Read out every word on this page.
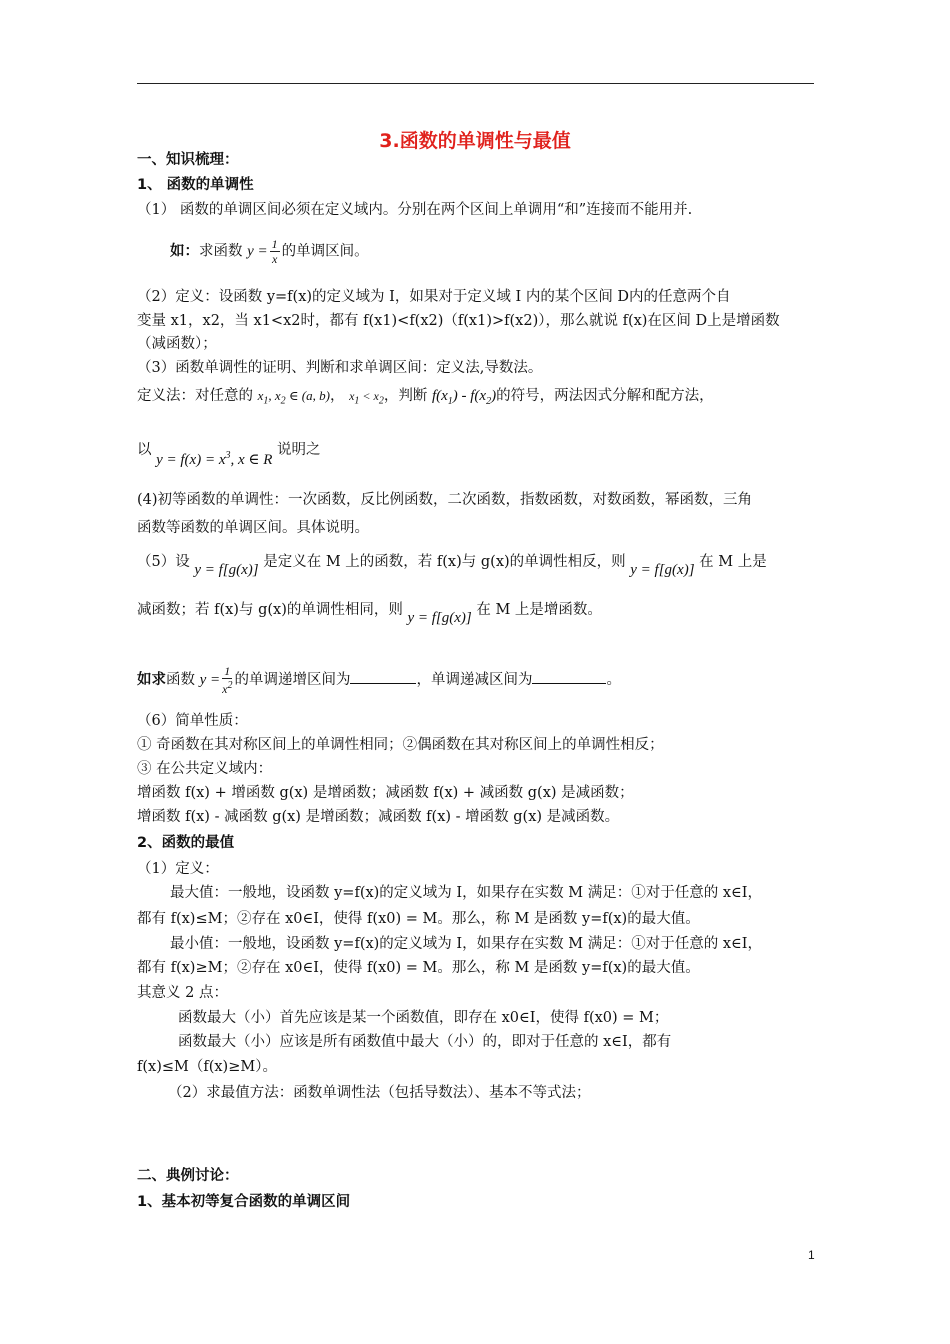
3.函数的单调性与最值
一、知识梳理：
1、 函数的单调性
（1） 函数的单调区间必须在定义域内。分别在两个区间上单调用“和”连接而不能用并.
如：求函数 $y = \frac{1}{x}$ 的单调区间。
（2）定义：设函数 y=f(x)的定义域为 I，如果对于定义域 I 内的某个区间 D内的任意两个自
变量 x1，x2，当 x1<x2时，都有 f(x1)<f(x2)（f(x1)>f(x2)），那么就说 f(x)在区间 D上是增函数
（减函数）；
（3）函数单调性的证明、判断和求单调区间：定义法,导数法。
定义法：对任意的 $x_1$, $x_2$ ∈ (a, b)， $x_1 < x_2$，判断 $f(x_1) - f(x_2)$的符号，两法因式分解和配方法，
以 $y = f(x) = x^3$, x ∈ R 说明之
(4)初等函数的单调性：一次函数，反比例函数，二次函数，指数函数，对数函数，幂函数，三角
函数等函数的单调区间。具体说明。
（5）设 y = f[g(x)] 是定义在 M 上的函数，若 f(x)与 g(x)的单调性相反，则 y = f[g(x)] 在 M 上是
减函数；若 f(x)与 g(x)的单调性相同，则 y = f[g(x)] 在 M 上是增函数。
如求函数 $y = \frac{1}{x^2}$ 的单调递增区间为	，单调递减区间为	。
（6）简单性质：
① 奇函数在其对称区间上的单调性相同；②偶函数在其对称区间上的单调性相反；
③ 在公共定义域内：
增函数 f(x) + 增函数 g(x) 是增函数；减函数 f(x) + 减函数 g(x) 是减函数；
增函数 f(x) - 减函数 g(x) 是增函数；减函数 f(x) - 增函数 g(x) 是减函数。
2、函数的最值
（1）定义：
最大值：一般地，设函数 y=f(x)的定义域为 I，如果存在实数 M 满足：①对于任意的 x∈I，
都有 f(x)≤M；②存在 x0∈I，使得 f(x0) = M。那么，称 M 是函数 y=f(x)的最大值。
最小值：一般地，设函数 y=f(x)的定义域为 I，如果存在实数 M 满足：①对于任意的 x∈I，
都有 f(x)≥M；②存在 x0∈I，使得 f(x0) = M。那么，称 M 是函数 y=f(x)的最大值。
其意义 2 点：
函数最大（小）首先应该是某一个函数值，即存在 x0∈I，使得 f(x0) = M；
函数最大（小）应该是所有函数值中最大（小）的，即对于任意的 x∈I，都有
f(x)≤M（f(x)≥M）。
（2）求最值方法：函数单调性法（包括导数法）、基本不等式法；
二、典例讨论：
1、基本初等复合函数的单调区间
1
